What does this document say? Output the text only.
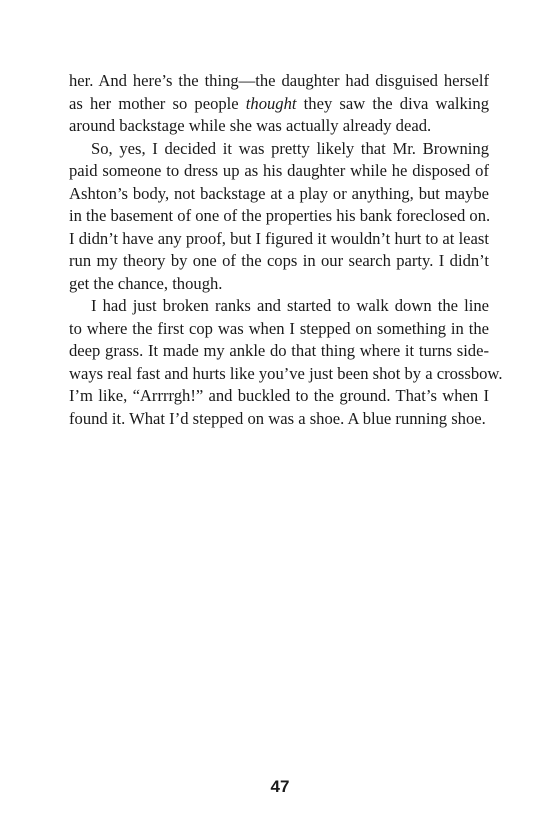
her. And here’s the thing—the daughter had disguised herself
as her mother so people thought they saw the diva walking
around backstage while she was actually already dead.

So, yes, I decided it was pretty likely that Mr. Browning
paid someone to dress up as his daughter while he disposed of
Ashton’s body, not backstage at a play or anything, but maybe
in the basement of one of the properties his bank foreclosed on.
I didn’t have any proof, but I figured it wouldn’t hurt to at least
run my theory by one of the cops in our search party. I didn’t
get the chance, though.

I had just broken ranks and started to walk down the line
to where the first cop was when I stepped on something in the
deep grass. It made my ankle do that thing where it turns side-
ways real fast and hurts like you’ve just been shot by a crossbow.
I’m like, “Arrrrgh!” and buckled to the ground. That’s when I
found it. What I’d stepped on was a shoe. A blue running shoe.

47
